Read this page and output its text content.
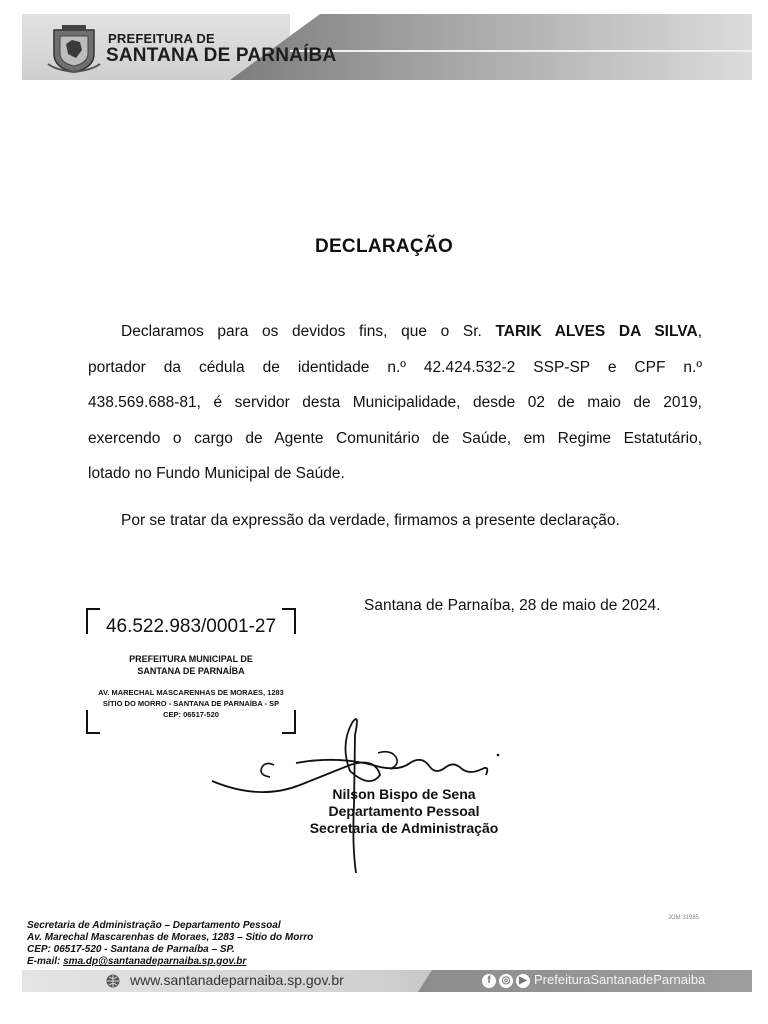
PREFEITURA DE
SANTANA DE PARNAÍBA
DECLARAÇÃO
Declaramos para os devidos fins, que o Sr. TARIK ALVES DA SILVA,
portador da cédula de identidade n.º 42.424.532-2 SSP-SP e CPF n.º
438.569.688-81, é servidor desta Municipalidade, desde 02 de maio de 2019,
exercendo o cargo de Agente Comunitário de Saúde, em Regime Estatutário,
lotado no Fundo Municipal de Saúde.
Por se tratar da expressão da verdade, firmamos a presente declaração.
Santana de Parnaíba, 28 de maio de 2024.
46.522.983/0001-27
PREFEITURA MUNICIPAL DE
SANTANA DE PARNAÍBA
AV. MARECHAL MASCARENHAS DE MORAES, 1283
SÍTIO DO MORRO - SANTANA DE PARNAÍBA - SP
CEP: 06517-520
Nilson Bispo de Sena
Departamento Pessoal
Secretaria de Administração
JGM 31985
Secretaria de Administração – Departamento Pessoal
Av. Marechal Mascarenhas de Moraes, 1283 – Sitio do Morro
CEP: 06517-520 - Santana de Parnaíba – SP.
E-mail: sma.dp@santanadeparnaiba.sp.gov.br
www.santanadeparnaiba.sp.gov.br	f	◎ ▶ PrefeituraSantanadeParnaiba
